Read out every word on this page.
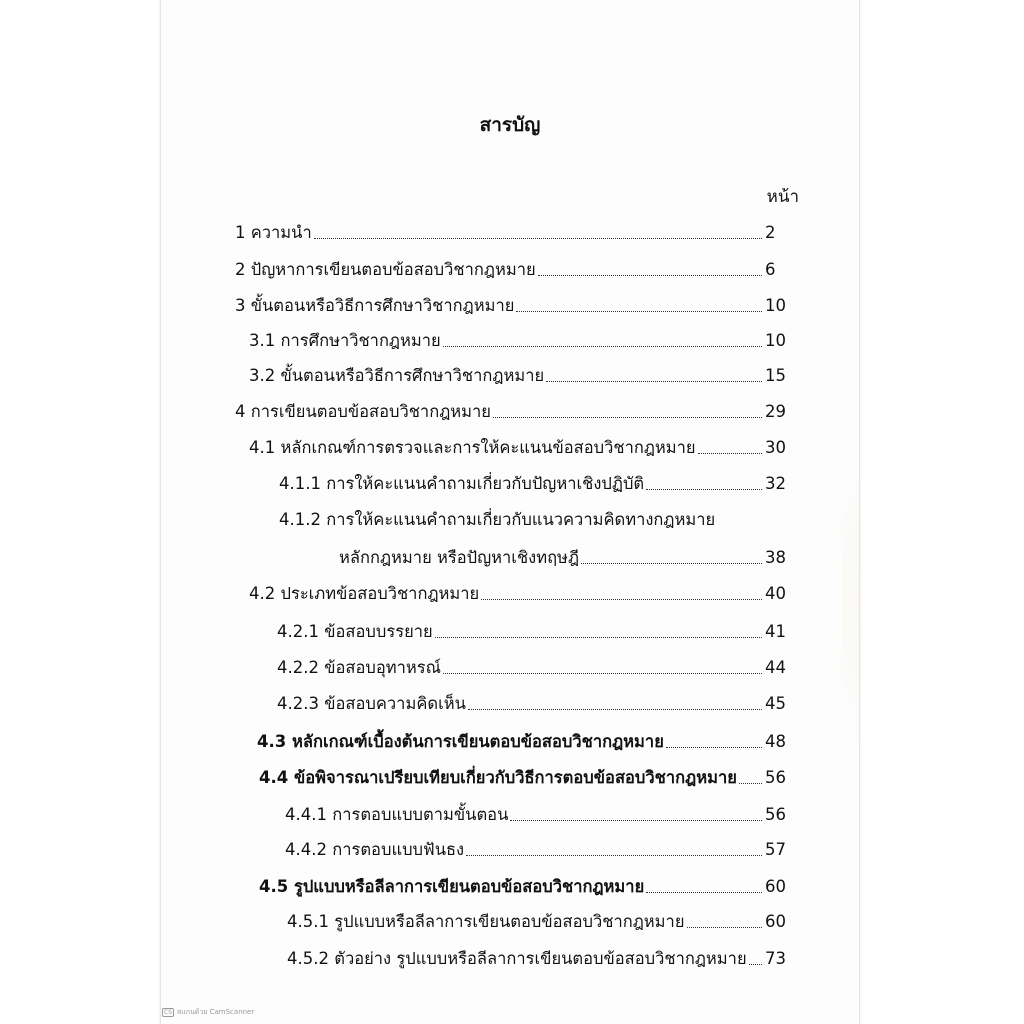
สารบัญ
หน้า
1 ความนำ	2
2 ปัญหาการเขียนตอบข้อสอบวิชากฎหมาย	6
3 ขั้นตอนหรือวิธีการศึกษาวิชากฎหมาย	10
3.1 การศึกษาวิชากฎหมาย	10
3.2 ขั้นตอนหรือวิธีการศึกษาวิชากฎหมาย	15
4 การเขียนตอบข้อสอบวิชากฎหมาย	29
4.1 หลักเกณฑ์การตรวจและการให้คะแนนข้อสอบวิชากฎหมาย	30
4.1.1 การให้คะแนนคำถามเกี่ยวกับปัญหาเชิงปฏิบัติ	32
4.1.2 การให้คะแนนคำถามเกี่ยวกับแนวความคิดทางกฎหมาย
หลักกฎหมาย หรือปัญหาเชิงทฤษฎี	38
4.2 ประเภทข้อสอบวิชากฎหมาย	40
4.2.1 ข้อสอบบรรยาย	41
4.2.2 ข้อสอบอุทาหรณ์	44
4.2.3 ข้อสอบความคิดเห็น	45
4.3 หลักเกณฑ์เบื้องต้นการเขียนตอบข้อสอบวิชากฎหมาย	48
4.4 ข้อพิจารณาเปรียบเทียบเกี่ยวกับวิธีการตอบข้อสอบวิชากฎหมาย 56
4.4.1 การตอบแบบตามขั้นตอน	56
4.4.2 การตอบแบบฟันธง	57
4.5 รูปแบบหรือลีลาการเขียนตอบข้อสอบวิชากฎหมาย	60
4.5.1 รูปแบบหรือลีลาการเขียนตอบข้อสอบวิชากฎหมาย	60
4.5.2 ตัวอย่าง รูปแบบหรือลีลาการเขียนตอบข้อสอบวิชากฎหมาย 73
CS สแกนด้วย CamScanner
